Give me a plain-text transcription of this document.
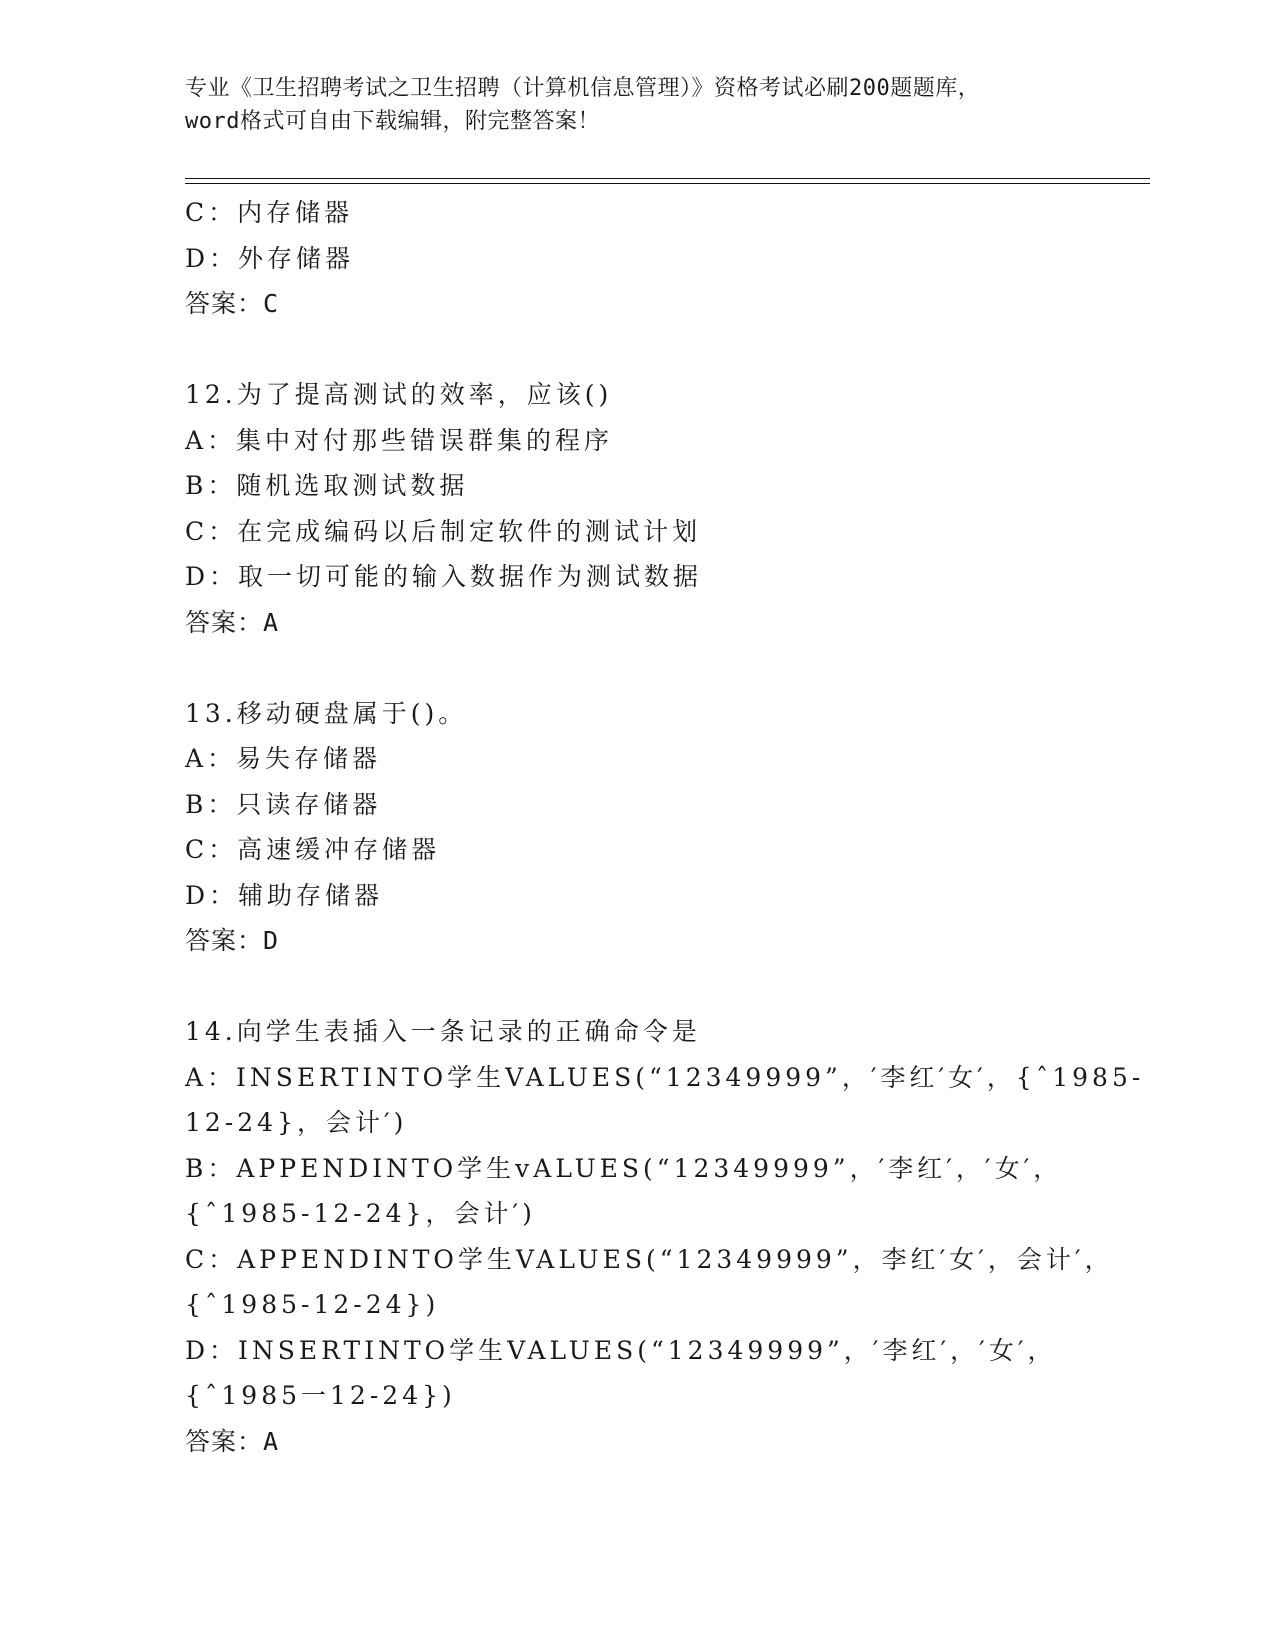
专业《卫生招聘考试之卫生招聘（计算机信息管理）》资格考试必刷200题题库，
word格式可自由下载编辑，附完整答案！
C：内存储器
D：外存储器
答案：C
12.为了提高测试的效率，应该()
A：集中对付那些错误群集的程序
B：随机选取测试数据
C：在完成编码以后制定软件的测试计划
D：取一切可能的输入数据作为测试数据
答案：A
13.移动硬盘属于()。
A：易失存储器
B：只读存储器
C：高速缓冲存储器
D：辅助存储器
答案：D
14.向学生表插入一条记录的正确命令是
A：INSERTINTO学生VALUES(“12349999”，′李红′女′，{ˆ1985-
12-24}，会计′)
B：APPENDINTO学生vALUES(“12349999”，′李红′，′女′，
{ˆ1985-12-24}，会计′)
C：APPENDINTO学生VALUES(“12349999”，李红′女′，会计′，
{ˆ1985-12-24})
D：INSERTINTO学生VALUES(“12349999”，′李红′，′女′，
{ˆ1985一12-24})
答案：A
